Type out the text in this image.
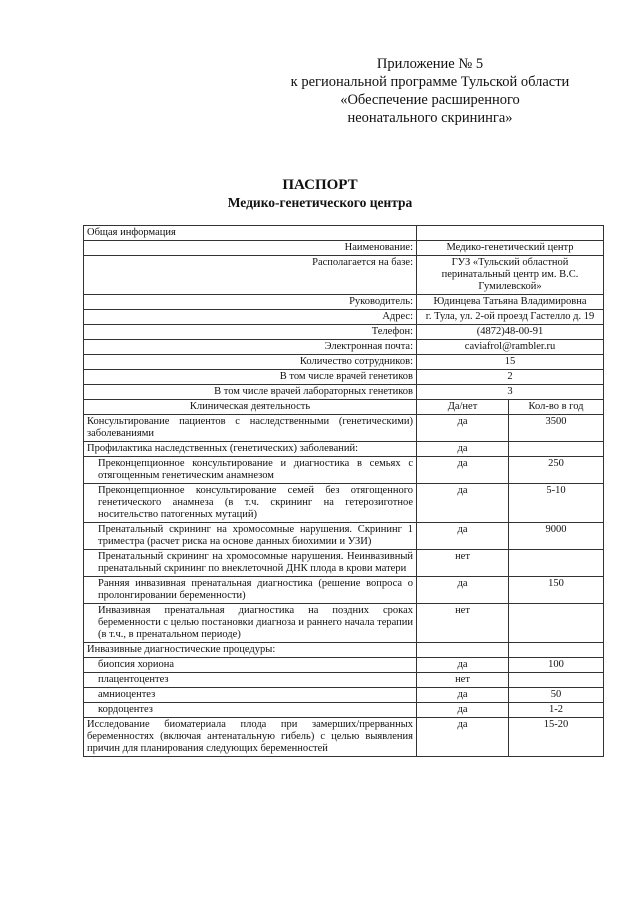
Приложение № 5
к региональной программе Тульской области
«Обеспечение расширенного
неонатального скрининга»
ПАСПОРТ
Медико-генетического центра
Общая информация		
Наименование:	Медико-генетический центр	
Располагается на базе:	ГУЗ «Тульский областной перинатальный центр им. В.С. Гумилевской»	
Руководитель:	Юдинцева Татьяна Владимировна	
Адрес:	г. Тула, ул. 2-ой проезд Гастелло д. 19	
Телефон:	(4872)48-00-91	
Электронная почта:	caviafrol@rambler.ru	
Количество сотрудников:	15	
В том числе врачей генетиков	2	
В том числе врачей лабораторных генетиков	3	
Клиническая деятельность	Да/нет	Кол-во в год
Консультирование пациентов с наследственными (генетическими) заболеваниями	да	3500
Профилактика наследственных (генетических) заболеваний:	да	
Преконцепционное консультирование и диагностика в семьях с отягощенным генетическим анамнезом	да	250
Преконцепционное консультирование семей без отягощенного генетического анамнеза (в т.ч. скрининг на гетерозиготное носительство патогенных мутаций)	да	5-10
Пренатальный скрининг на хромосомные нарушения. Скрининг 1 триместра (расчет риска на основе данных биохимии и УЗИ)	да	9000
Пренатальный скрининг на хромосомные нарушения. Неинвазивный пренатальный скрининг по внеклеточной ДНК плода в крови матери	нет	
Ранняя инвазивная пренатальная диагностика (решение вопроса о пролонгировании беременности)	да	150
Инвазивная пренатальная диагностика на поздних сроках беременности с целью постановки диагноза и раннего начала терапии (в т.ч., в пренатальном периоде)	нет	
Инвазивные диагностические процедуры:		
биопсия хориона	да	100
плацентоцентез	нет	
амниоцентез	да	50
кордоцентез	да	1-2
Исследование биоматериала плода при замерших/прерванных беременностях (включая антенатальную гибель) с целью выявления причин для планирования следующих беременностей	да	15-20
